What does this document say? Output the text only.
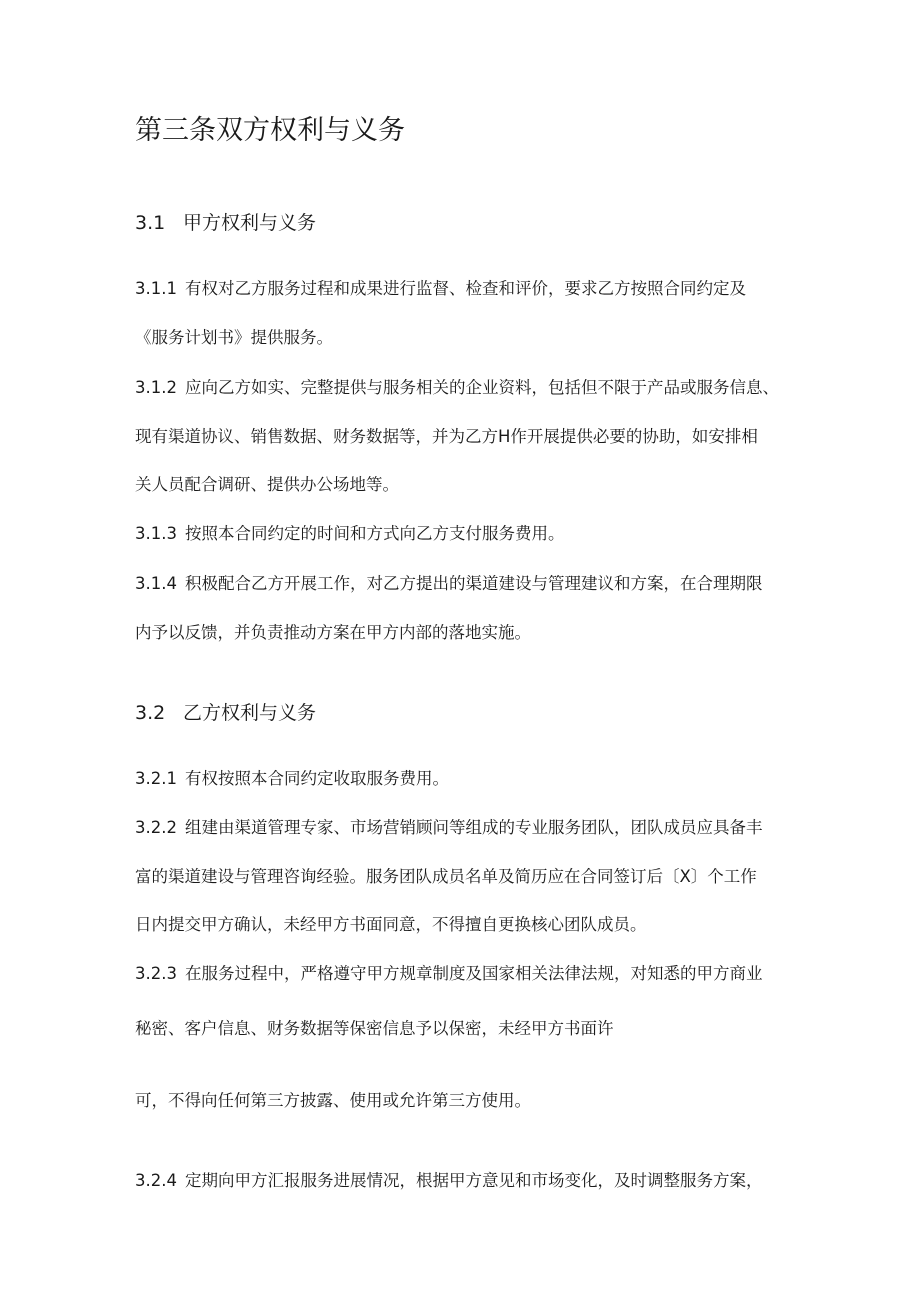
第三条双方权利与义务
3.1 甲方权利与义务
3.1.1 有权对乙方服务过程和成果进行监督、检查和评价，要求乙方按照合同约定及
《服务计划书》提供服务。
3.1.2 应向乙方如实、完整提供与服务相关的企业资料，包括但不限于产品或服务信息、
现有渠道协议、销售数据、财务数据等，并为乙方H作开展提供必要的协助，如安排相
关人员配合调研、提供办公场地等。
3.1.3 按照本合同约定的时间和方式向乙方支付服务费用。
3.1.4 积极配合乙方开展工作，对乙方提出的渠道建设与管理建议和方案，在合理期限
内予以反馈，并负责推动方案在甲方内部的落地实施。
3.2 乙方权利与义务
3.2.1 有权按照本合同约定收取服务费用。
3.2.2 组建由渠道管理专家、市场营销顾问等组成的专业服务团队，团队成员应具备丰
富的渠道建设与管理咨询经验。服务团队成员名单及简历应在合同签订后〔X〕个工作
日内提交甲方确认，未经甲方书面同意，不得擅自更换核心团队成员。
3.2.3 在服务过程中，严格遵守甲方规章制度及国家相关法律法规，对知悉的甲方商业
秘密、客户信息、财务数据等保密信息予以保密，未经甲方书面许
可，不得向任何第三方披露、使用或允许第三方使用。
3.2.4 定期向甲方汇报服务进展情况，根据甲方意见和市场变化，及时调整服务方案，
